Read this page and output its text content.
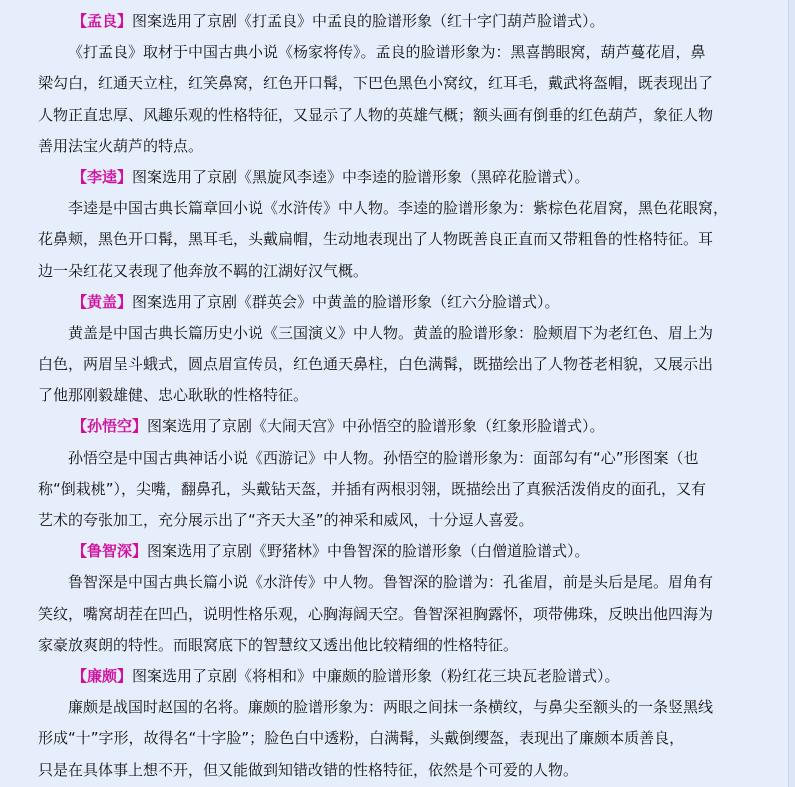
【孟良】图案选用了京剧《打孟良》中孟良的脸谱形象（红十字门葫芦脸谱式）。
《打孟良》取材于中国古典小说《杨家将传》。孟良的脸谱形象为：黑喜鹊眼窝，葫芦蔓花眉，鼻
梁勾白，红通天立柱，红笑鼻窝，红色开口髯，下巴色黑色小窝纹，红耳毛，戴武将盔帽，既表现出了
人物正直忠厚、风趣乐观的性格特征，又显示了人物的英雄气概；额头画有倒垂的红色葫芦，象征人物
善用法宝火葫芦的特点。
【李逵】图案选用了京剧《黑旋风李逵》中李逵的脸谱形象（黑碎花脸谱式）。
李逵是中国古典长篇章回小说《水浒传》中人物。李逵的脸谱形象为：紫棕色花眉窝，黑色花眼窝，
花鼻颊，黑色开口髯，黑耳毛，头戴扁帽，生动地表现出了人物既善良正直而又带粗鲁的性格特征。耳
边一朵红花又表现了他奔放不羁的江湖好汉气概。
【黄盖】图案选用了京剧《群英会》中黄盖的脸谱形象（红六分脸谱式）。
黄盖是中国古典长篇历史小说《三国演义》中人物。黄盖的脸谱形象：脸颊眉下为老红色、眉上为
白色，两眉呈斗蛾式，圆点眉宣传员，红色通天鼻柱，白色满髯，既描绘出了人物苍老相貌，又展示出
了他那刚毅雄健、忠心耿耿的性格特征。
【孙悟空】图案选用了京剧《大闹天宫》中孙悟空的脸谱形象（红象形脸谱式）。
孙悟空是中国古典神话小说《西游记》中人物。孙悟空的脸谱形象为：面部勾有“心”形图案（也
称“倒栽桃”），尖嘴，翻鼻孔，头戴钻天盔，并插有两根羽翎，既描绘出了真猴活泼俏皮的面孔，又有
艺术的夸张加工，充分展示出了“齐天大圣”的神采和威风，十分逗人喜爱。
【鲁智深】图案选用了京剧《野猪林》中鲁智深的脸谱形象（白僧道脸谱式）。
鲁智深是中国古典长篇小说《水浒传》中人物。鲁智深的脸谱为：孔雀眉，前是头后是尾。眉角有
笑纹，嘴窝胡茬在凹凸，说明性格乐观，心胸海阔天空。鲁智深袒胸露怀，项带佛珠，反映出他四海为
家豪放爽朗的特性。而眼窝底下的智慧纹又透出他比较精细的性格特征。
【廉颇】图案选用了京剧《将相和》中廉颇的脸谱形象（粉红花三块瓦老脸谱式）。
廉颇是战国时赵国的名将。廉颇的脸谱形象为：两眼之间抹一条横纹，与鼻尖至额头的一条竖黑线
形成“十”字形，故得名“十字脸”；脸色白中透粉，白满髯，头戴倒缨盔，表现出了廉颇本质善良，
只是在具体事上想不开，但又能做到知错改错的性格特征，依然是个可爱的人物。
